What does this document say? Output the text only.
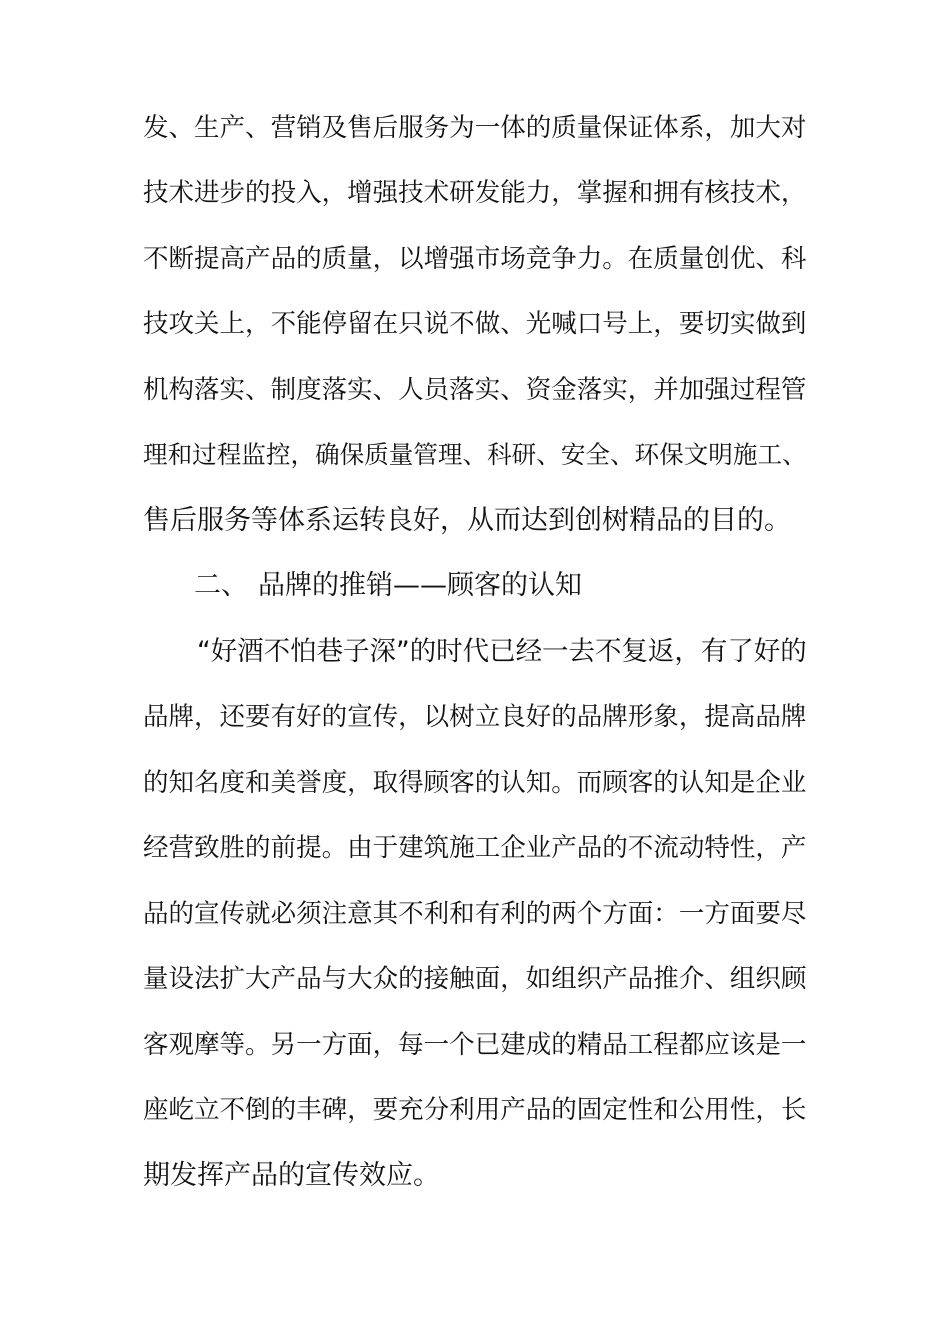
发、生产、营销及售后服务为一体的质量保证体系，加大对
技术进步的投入，增强技术研发能力，掌握和拥有核技术，
不断提高产品的质量，以增强市场竞争力。在质量创优、科
技攻关上，不能停留在只说不做、光喊口号上，要切实做到
机构落实、制度落实、人员落实、资金落实，并加强过程管
理和过程监控，确保质量管理、科研、安全、环保文明施工、
售后服务等体系运转良好，从而达到创树精品的目的。
二、 品牌的推销——顾客的认知
“好酒不怕巷子深”的时代已经一去不复返，有了好的
品牌，还要有好的宣传，以树立良好的品牌形象，提高品牌
的知名度和美誉度，取得顾客的认知。而顾客的认知是企业
经营致胜的前提。由于建筑施工企业产品的不流动特性，产
品的宣传就必须注意其不利和有利的两个方面：一方面要尽
量设法扩大产品与大众的接触面，如组织产品推介、组织顾
客观摩等。另一方面，每一个已建成的精品工程都应该是一
座屹立不倒的丰碑，要充分利用产品的固定性和公用性，长
期发挥产品的宣传效应。
